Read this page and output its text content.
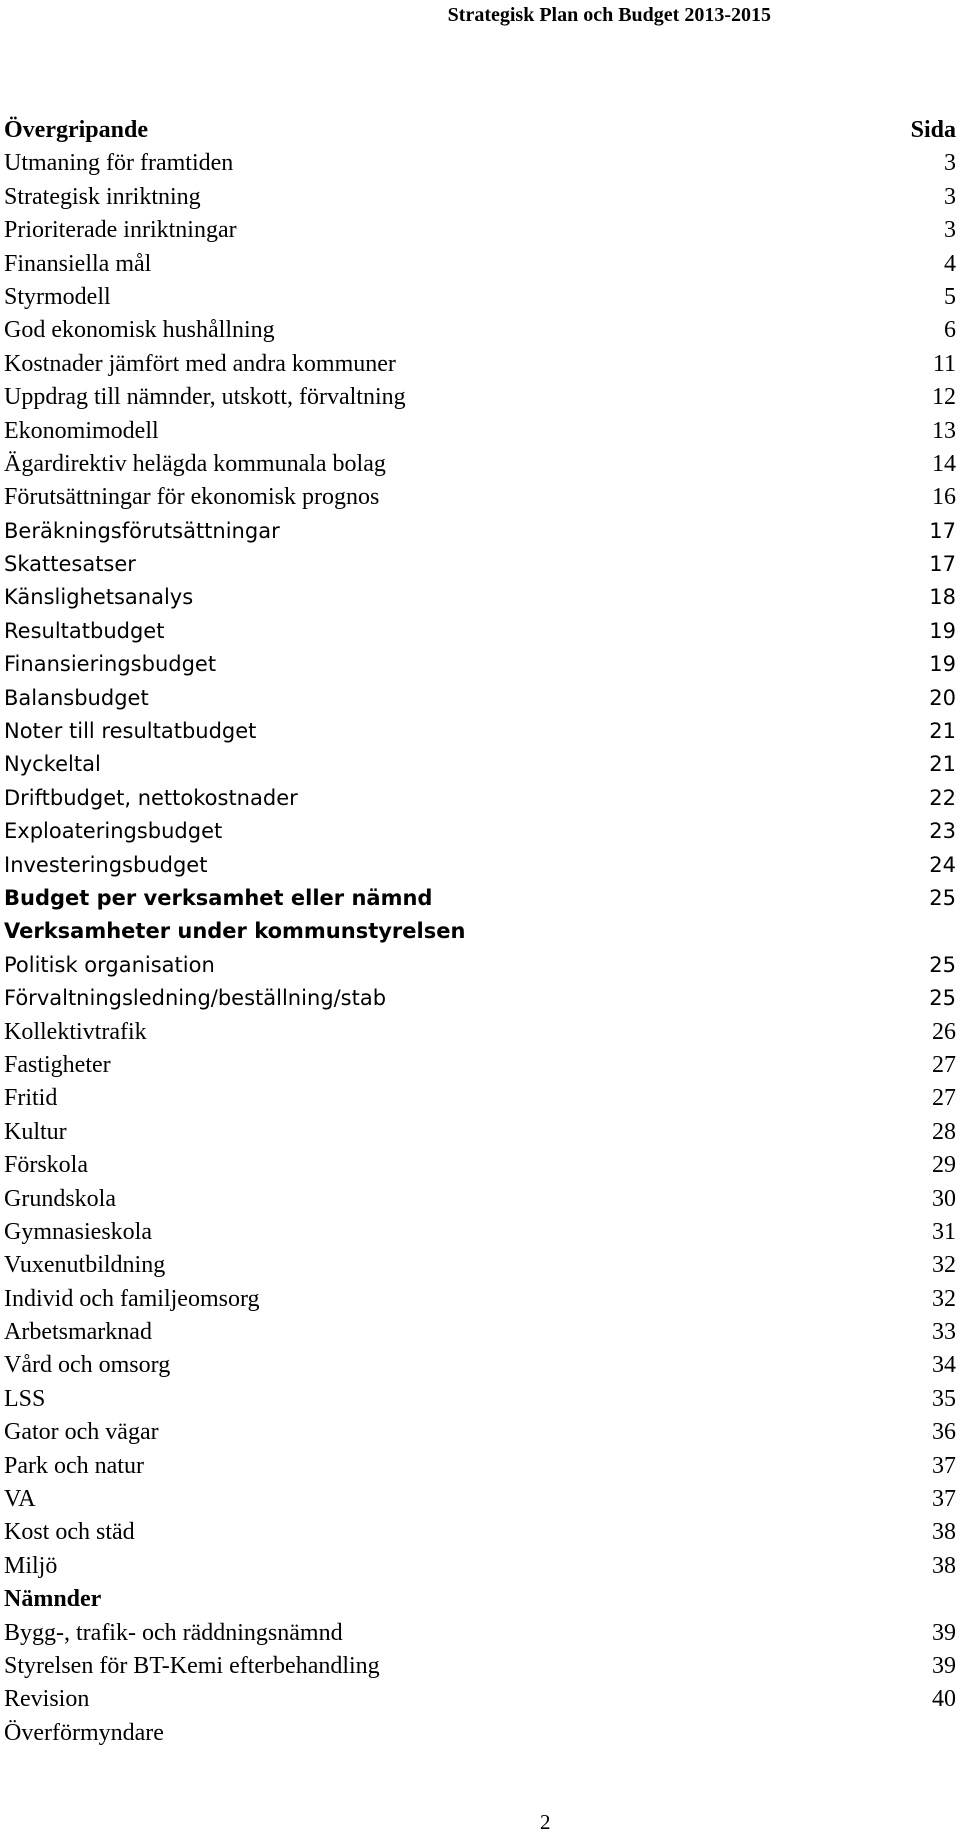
Strategisk Plan och Budget 2013-2015
Övergripande	Sida
Utmaning för framtiden	3
Strategisk inriktning	3
Prioriterade inriktningar	3
Finansiella mål	4
Styrmodell	5
God ekonomisk hushållning	6
Kostnader jämfört med andra kommuner	11
Uppdrag till nämnder, utskott, förvaltning	12
Ekonomimodell	13
Ägardirektiv helägda kommunala bolag	14
Förutsättningar för ekonomisk prognos	16
Beräkningsförutsättningar	17
Skattesatser	17
Känslighetsanalys	18
Resultatbudget	19
Finansieringsbudget	19
Balansbudget	20
Noter till resultatbudget	21
Nyckeltal	21
Driftbudget, nettokostnader	22
Exploateringsbudget	23
Investeringsbudget	24
Budget per verksamhet eller nämnd	25
Verksamheter under kommunstyrelsen
Politisk organisation	25
Förvaltningsledning/beställning/stab	25
Kollektivtrafik	26
Fastigheter	27
Fritid	27
Kultur	28
Förskola	29
Grundskola	30
Gymnasieskola	31
Vuxenutbildning	32
Individ och familjeomsorg	32
Arbetsmarknad	33
Vård och omsorg	34
LSS	35
Gator och vägar	36
Park och natur	37
VA	37
Kost och städ	38
Miljö	38
Nämnder
Bygg-, trafik- och räddningsnämnd	39
Styrelsen för BT-Kemi efterbehandling	39
Revision	40
Överförmyndare
2
